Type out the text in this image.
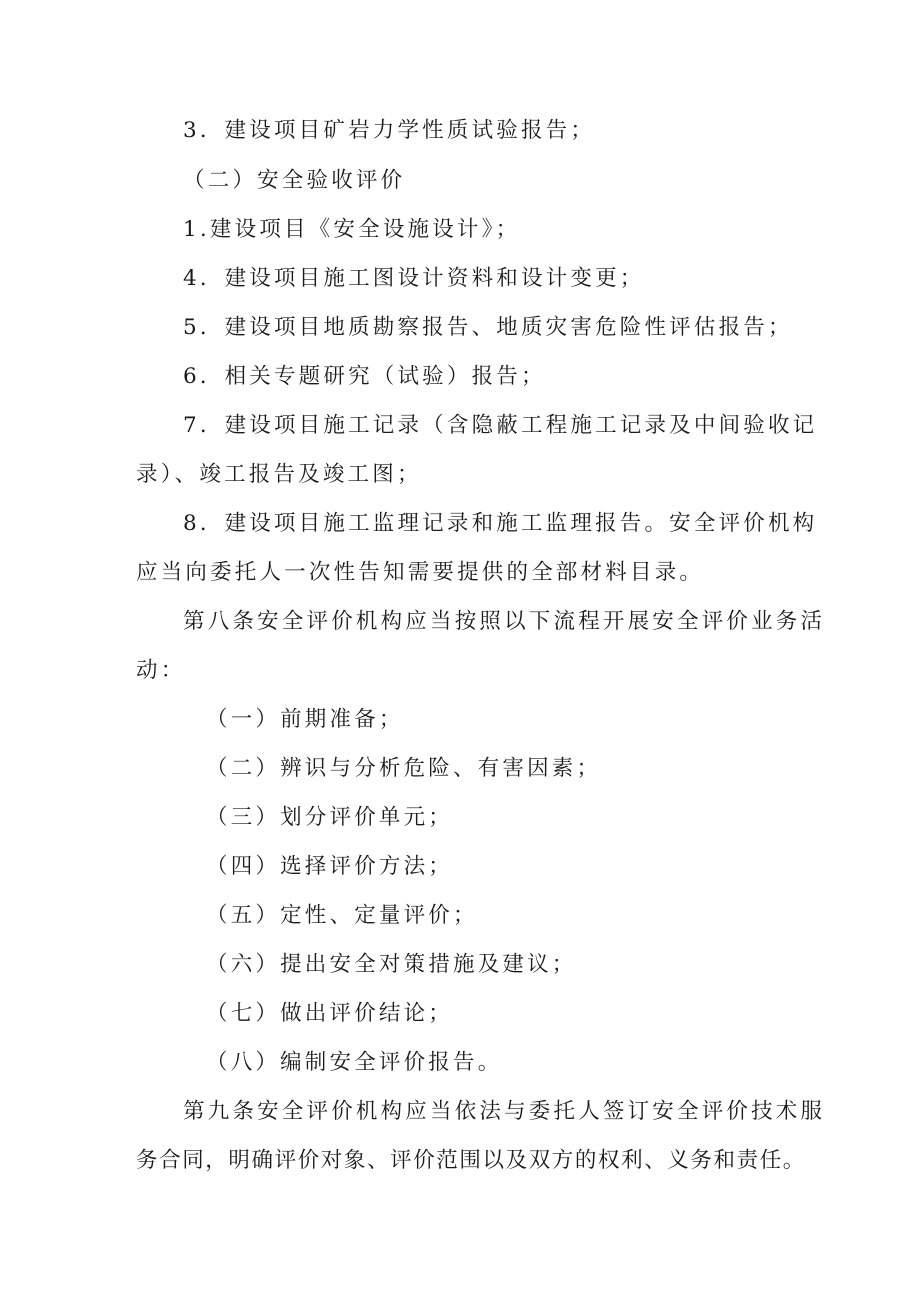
3．建设项目矿岩力学性质试验报告；
（二）安全验收评价
1.建设项目《安全设施设计》；
4．建设项目施工图设计资料和设计变更；
5．建设项目地质勘察报告、地质灾害危险性评估报告；
6．相关专题研究（试验）报告；
7．建设项目施工记录（含隐蔽工程施工记录及中间验收记
录）、竣工报告及竣工图；
8．建设项目施工监理记录和施工监理报告。安全评价机构
应当向委托人一次性告知需要提供的全部材料目录。
第八条安全评价机构应当按照以下流程开展安全评价业务活
动：
（一）前期准备；
（二）辨识与分析危险、有害因素；
（三）划分评价单元；
（四）选择评价方法；
（五）定性、定量评价；
（六）提出安全对策措施及建议；
（七）做出评价结论；
（八）编制安全评价报告。
第九条安全评价机构应当依法与委托人签订安全评价技术服
务合同，明确评价对象、评价范围以及双方的权利、义务和责任。
